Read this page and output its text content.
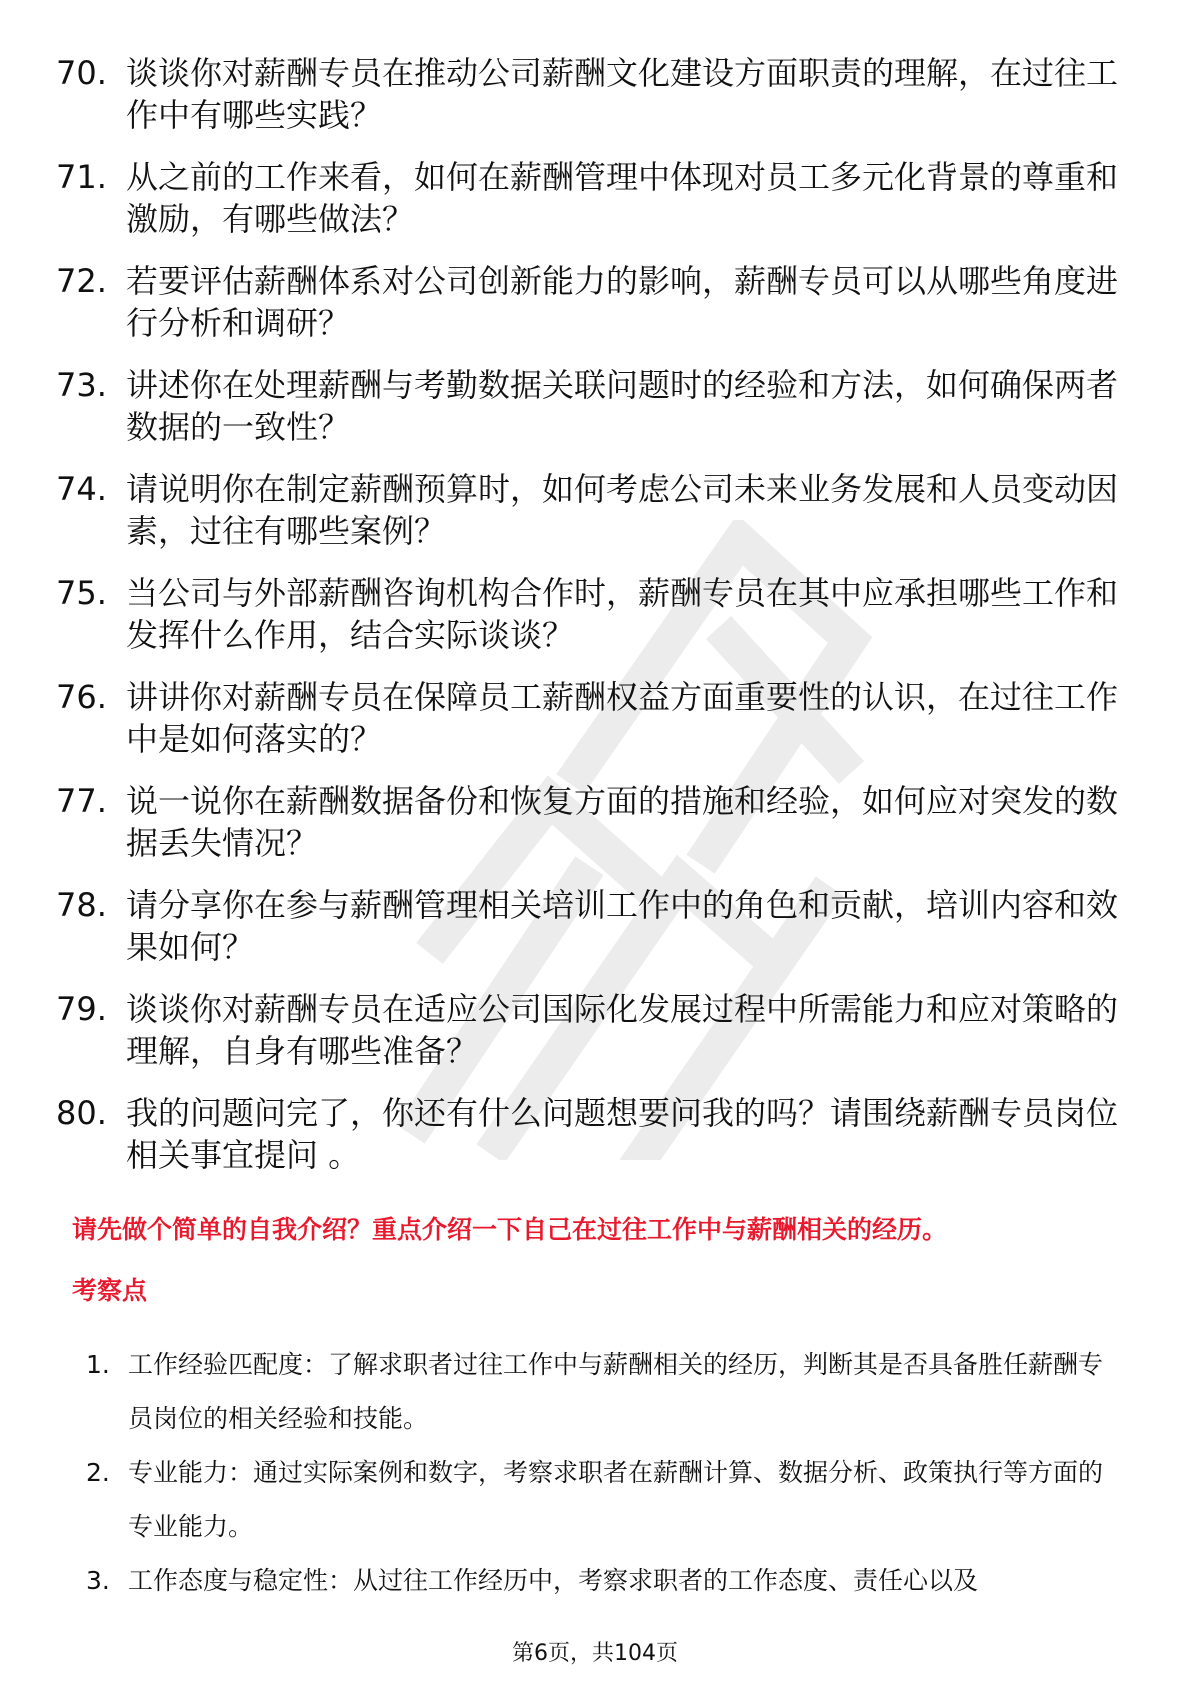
70. 谈谈你对薪酬专员在推动公司薪酬文化建设方面职责的理解，在过往工作中有哪些实践？
71. 从之前的工作来看，如何在薪酬管理中体现对员工多元化背景的尊重和激励，有哪些做法？
72. 若要评估薪酬体系对公司创新能力的影响，薪酬专员可以从哪些角度进行分析和调研？
73. 讲述你在处理薪酬与考勤数据关联问题时的经验和方法，如何确保两者数据的一致性？
74. 请说明你在制定薪酬预算时，如何考虑公司未来业务发展和人员变动因素，过往有哪些案例？
75. 当公司与外部薪酬咨询机构合作时，薪酬专员在其中应承担哪些工作和发挥什么作用，结合实际谈谈？
76. 讲讲你对薪酬专员在保障员工薪酬权益方面重要性的认识，在过往工作中是如何落实的？
77. 说一说你在薪酬数据备份和恢复方面的措施和经验，如何应对突发的数据丢失情况？
78. 请分享你在参与薪酬管理相关培训工作中的角色和贡献，培训内容和效果如何？
79. 谈谈你对薪酬专员在适应公司国际化发展过程中所需能力和应对策略的理解，自身有哪些准备？
80. 我的问题问完了，你还有什么问题想要问我的吗？请围绕薪酬专员岗位相关事宜提问 。
请先做个简单的自我介绍？重点介绍一下自己在过往工作中与薪酬相关的经历。
考察点
1. 工作经验匹配度：了解求职者过往工作中与薪酬相关的经历，判断其是否具备胜任薪酬专员岗位的相关经验和技能。
2. 专业能力：通过实际案例和数字，考察求职者在薪酬计算、数据分析、政策执行等方面的专业能力。
3. 工作态度与稳定性：从过往工作经历中，考察求职者的工作态度、责任心以及
第6页，共104页
